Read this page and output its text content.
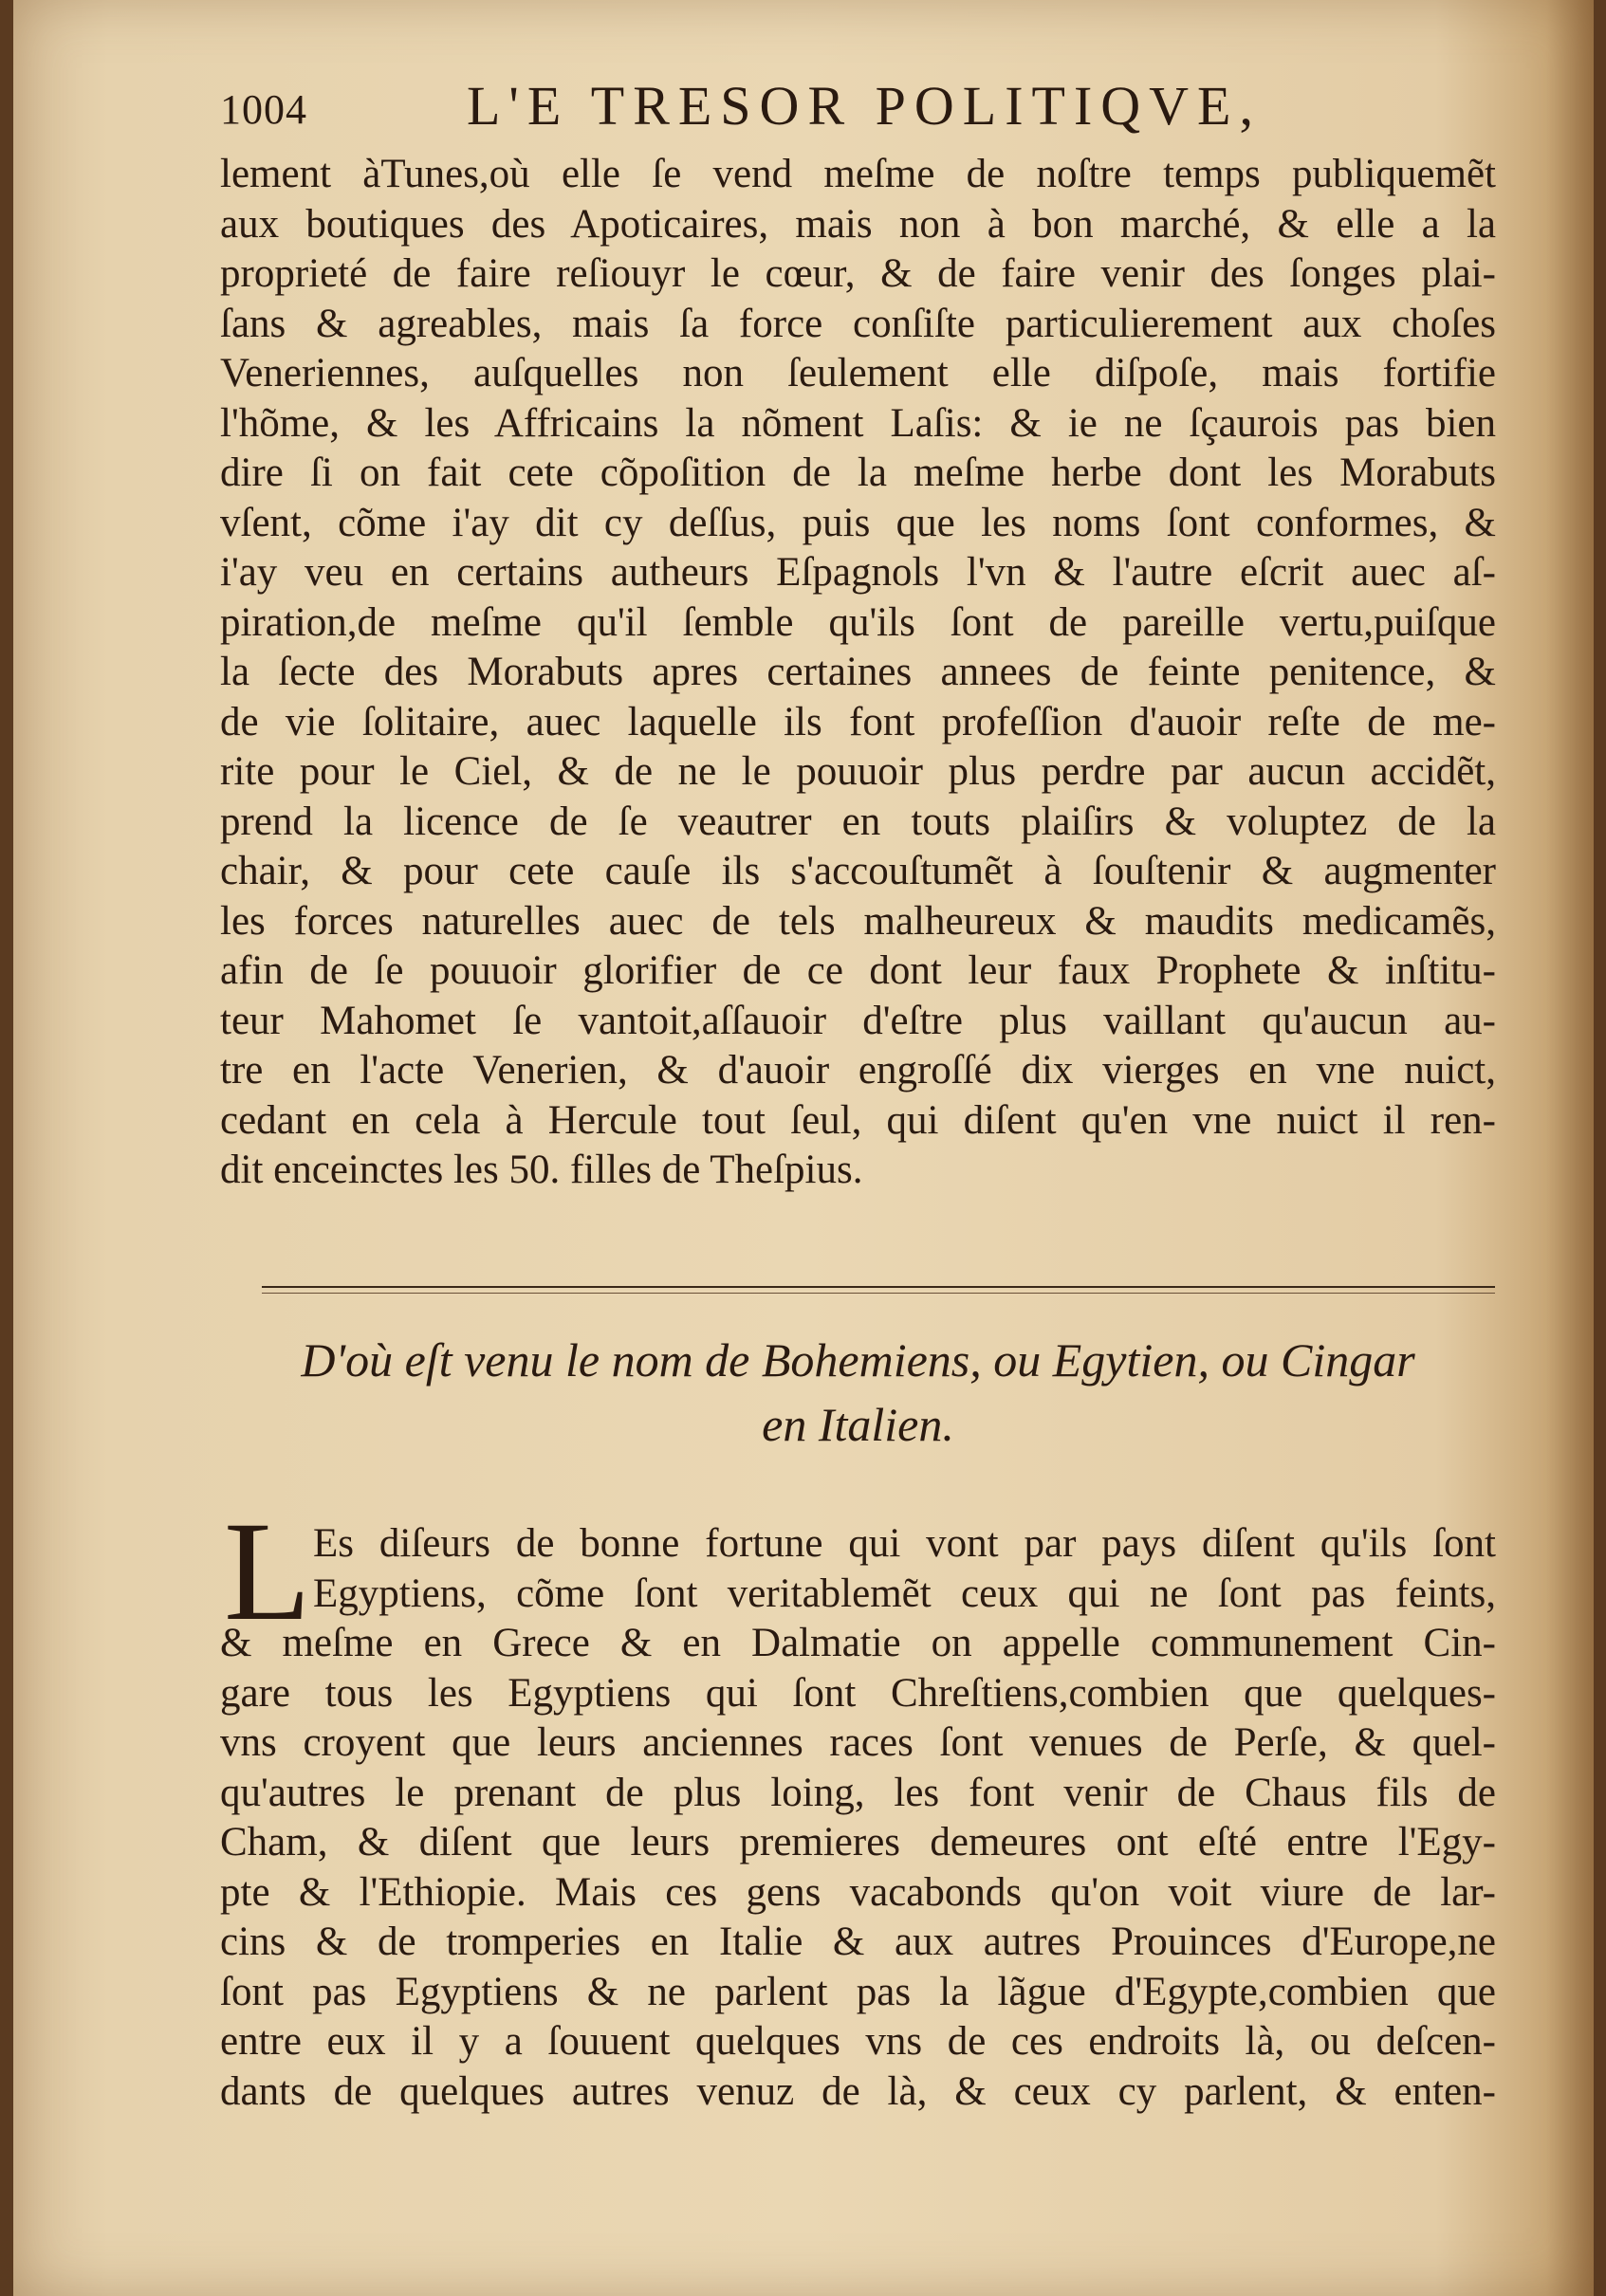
1004	L'E TRESOR POLITIQVE,
lement àTunes,où elle ſe vend meſme de noſtre temps publiquemẽt
aux boutiques des Apoticaires, mais non à bon marché, & elle a la
proprieté de faire reſiouyr le cœur, & de faire venir des ſonges plai-
ſans & agreables, mais ſa force conſiſte particulierement aux choſes
Veneriennes, auſquelles non ſeulement elle diſpoſe, mais fortifie
l'hõme, & les Affricains la nõment Laſis: & ie ne ſçaurois pas bien
dire ſi on fait cete cõpoſition de la meſme herbe dont les Morabuts
vſent, cõme i'ay dit cy deſſus, puis que les noms ſont conformes, &
i'ay veu en certains autheurs Eſpagnols l'vn & l'autre eſcrit auec aſ-
piration,de meſme qu'il ſemble qu'ils ſont de pareille vertu,puiſque
la ſecte des Morabuts apres certaines annees de feinte penitence, &
de vie ſolitaire, auec laquelle ils font profeſſion d'auoir reſte de me-
rite pour le Ciel, & de ne le pouuoir plus perdre par aucun accidẽt,
prend la licence de ſe veautrer en touts plaiſirs & voluptez de la
chair, & pour cete cauſe ils s'accouſtumẽt à ſouſtenir & augmenter
les forces naturelles auec de tels malheureux & maudits medicamẽs,
afin de ſe pouuoir glorifier de ce dont leur faux Prophete & inſtitu-
teur Mahomet ſe vantoit,aſſauoir d'eſtre plus vaillant qu'aucun au-
tre en l'acte Venerien, & d'auoir engroſſé dix vierges en vne nuict,
cedant en cela à Hercule tout ſeul, qui diſent qu'en vne nuict il ren-
dit enceinctes les 50. filles de Theſpius.
D'où eſt venu le nom de Bohemiens, ou Egytien, ou Cingar
en Italien.
L Es diſeurs de bonne fortune qui vont par pays diſent qu'ils ſont
Egyptiens, cõme ſont veritablemẽt ceux qui ne ſont pas feints,
& meſme en Grece & en Dalmatie on appelle communement Cin-
gare tous les Egyptiens qui ſont Chreſtiens,combien que quelques-
vns croyent que leurs anciennes races ſont venues de Perſe, & quel-
qu'autres le prenant de plus loing, les font venir de Chaus fils de
Cham, & diſent que leurs premieres demeures ont eſté entre l'Egy-
pte & l'Ethiopie. Mais ces gens vacabonds qu'on voit viure de lar-
cins & de tromperies en Italie & aux autres Prouinces d'Europe,ne
ſont pas Egyptiens & ne parlent pas la lãgue d'Egypte,combien que
entre eux il y a ſouuent quelques vns de ces endroits là, ou deſcen-
dants de quelques autres venuz de là, & ceux cy parlent, & enten-
